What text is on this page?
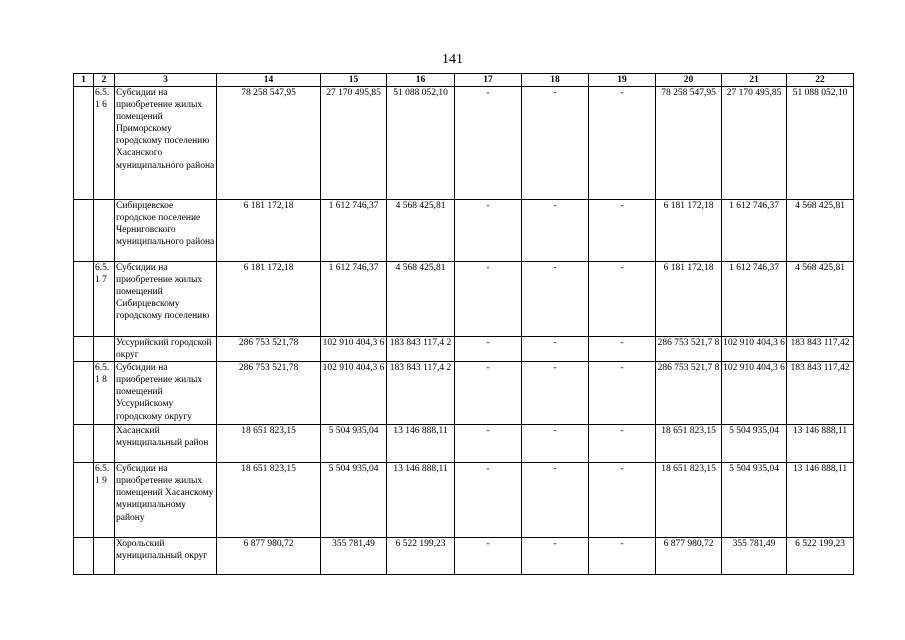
141
1	2	3	14	15	16	17	18	19	20	21	22
	6.5.1 6	Субсидии на приобретение жилых помещений Приморскому городскому поселению Хасанского муниципального района	78 258 547,95	27 170 495,85	51 088 052,10	-	-	-	78 258 547,95	27 170 495,85	51 088 052,10
		Сибирцевское городское поселение Черниговского муниципального района	6 181 172,18	1 612 746,37	4 568 425,81	-	-	-	6 181 172,18	1 612 746,37	4 568 425,81
	6.5.1 7	Субсидии на приобретение жилых помещений Сибирцевскому городскому поселению	6 181 172,18	1 612 746,37	4 568 425,81	-	-	-	6 181 172,18	1 612 746,37	4 568 425,81
		Уссурийский городской округ	286 753 521,78	102 910 404,3 6	183 843 117,4 2	-	-	-	286 753 521,7 8	102 910 404,3 6	183 843 117,42
	6.5.1 8	Субсидии на приобретение жилых помещений Уссурийскому городскому округу	286 753 521,78	102 910 404,3 6	183 843 117,4 2	-	-	-	286 753 521,7 8	102 910 404,3 6	183 843 117,42
		Хасанский муниципальный район	18 651 823,15	5 504 935,04	13 146 888,11	-	-	-	18 651 823,15	5 504 935,04	13 146 888,11
	6.5.1 9	Субсидии на приобретение жилых помещений Хасанскому муниципальному району	18 651 823,15	5 504 935,04	13 146 888,11	-	-	-	18 651 823,15	5 504 935,04	13 146 888,11
		Хорольский муниципальный округ	6 877 980,72	355 781,49	6 522 199,23	-	-	-	6 877 980,72	355 781,49	6 522 199,23
